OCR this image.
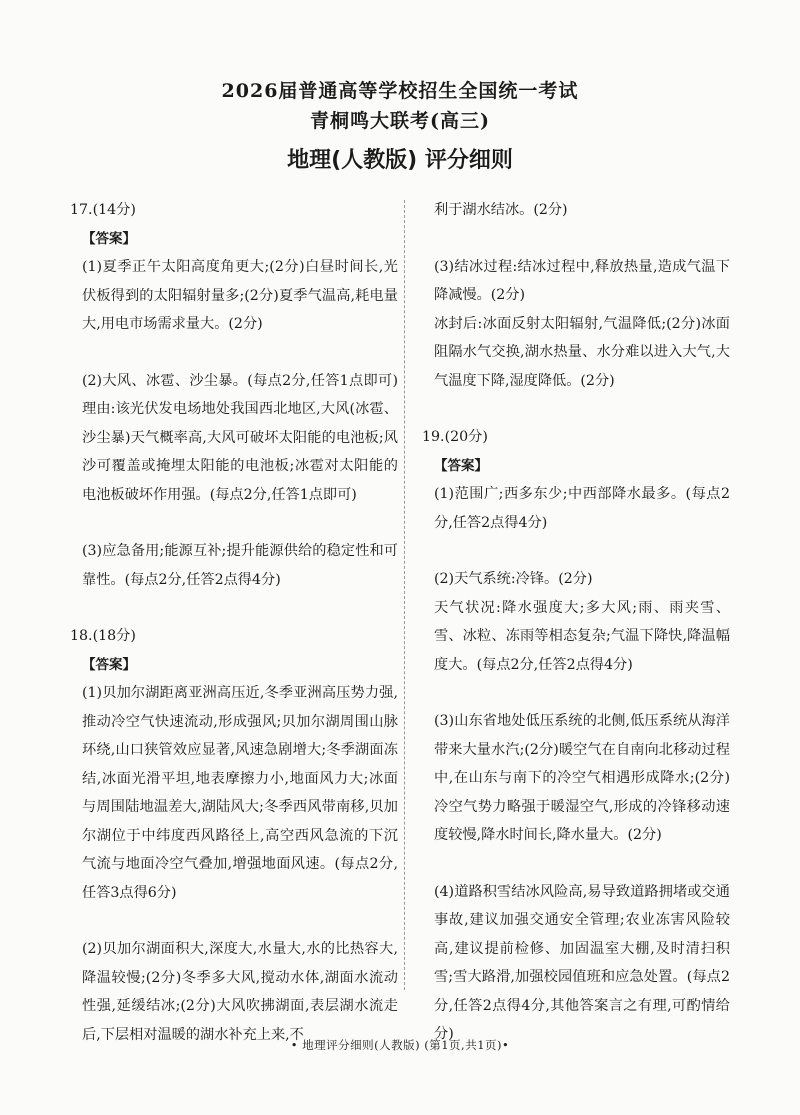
2026届普通高等学校招生全国统一考试
青桐鸣大联考(高三)
地理(人教版) 评分细则

17.(14分)

【答案】

(1)夏季正午太阳高度角更大;(2分)白昼时间长,光伏板得到的太阳辐射量多;(2分)夏季气温高,耗电量大,用电市场需求量大。(2分)

(2)大风、冰雹、沙尘暴。(每点2分,任答1点即可)理由:该光伏发电场地处我国西北地区,大风(冰雹、沙尘暴)天气概率高,大风可破坏太阳能的电池板;风沙可覆盖或掩埋太阳能的电池板;冰雹对太阳能的电池板破坏作用强。(每点2分,任答1点即可)

(3)应急备用;能源互补;提升能源供给的稳定性和可靠性。(每点2分,任答2点得4分)

18.(18分)

【答案】

(1)贝加尔湖距离亚洲高压近,冬季亚洲高压势力强,推动冷空气快速流动,形成强风;贝加尔湖周围山脉环绕,山口狭管效应显著,风速急剧增大;冬季湖面冻结,冰面光滑平坦,地表摩擦力小,地面风力大;冰面与周围陆地温差大,湖陆风大;冬季西风带南移,贝加尔湖位于中纬度西风路径上,高空西风急流的下沉气流与地面冷空气叠加,增强地面风速。(每点2分,任答3点得6分)

(2)贝加尔湖面积大,深度大,水量大,水的比热容大,降温较慢;(2分)冬季多大风,搅动水体,湖面水流动性强,延缓结冰;(2分)大风吹拂湖面,表层湖水流走后,下层相对温暖的湖水补充上来,不

利于湖水结冰。(2分)

(3)结冰过程:结冰过程中,释放热量,造成气温下降减慢。(2分)

冰封后:冰面反射太阳辐射,气温降低;(2分)冰面阻隔水气交换,湖水热量、水分难以进入大气,大气温度下降,湿度降低。(2分)

19.(20分)

【答案】

(1)范围广;西多东少;中西部降水最多。(每点2分,任答2点得4分)

(2)天气系统:冷锋。(2分)

天气状况:降水强度大;多大风;雨、雨夹雪、雪、冰粒、冻雨等相态复杂;气温下降快,降温幅度大。(每点2分,任答2点得4分)

(3)山东省地处低压系统的北侧,低压系统从海洋带来大量水汽;(2分)暖空气在自南向北移动过程中,在山东与南下的冷空气相遇形成降水;(2分)冷空气势力略强于暖湿空气,形成的冷锋移动速度较慢,降水时间长,降水量大。(2分)

(4)道路积雪结冰风险高,易导致道路拥堵或交通事故,建议加强交通安全管理;农业冻害风险较高,建议提前检修、加固温室大棚,及时清扫积雪;雪大路滑,加强校园值班和应急处置。(每点2分,任答2点得4分,其他答案言之有理,可酌情给分)

• 地理评分细则(人教版) (第1页,共1页)•
